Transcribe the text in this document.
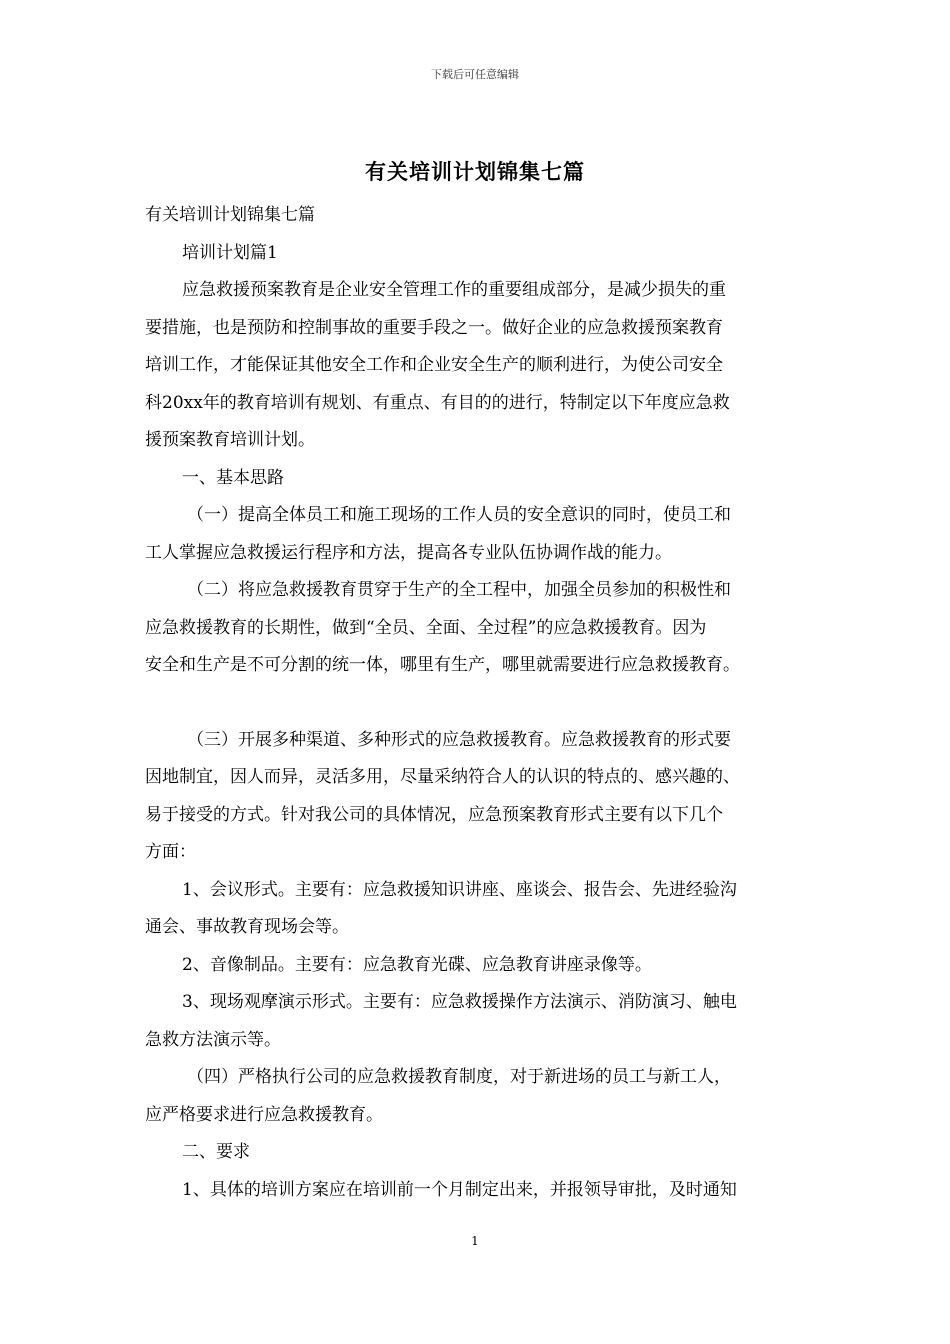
下载后可任意编辑
有关培训计划锦集七篇
有关培训计划锦集七篇
培训计划篇1
应急救援预案教育是企业安全管理工作的重要组成部分，是减少损失的重
要措施，也是预防和控制事故的重要手段之一。做好企业的应急救援预案教育
培训工作，才能保证其他安全工作和企业安全生产的顺利进行，为使公司安全
科20xx年的教育培训有规划、有重点、有目的的进行，特制定以下年度应急救
援预案教育培训计划。
一、基本思路
（一）提高全体员工和施工现场的工作人员的安全意识的同时，使员工和
工人掌握应急救援运行程序和方法，提高各专业队伍协调作战的能力。
（二）将应急救援教育贯穿于生产的全工程中，加强全员参加的积极性和
应急救援教育的长期性，做到“全员、全面、全过程”的应急救援教育。因为
安全和生产是不可分割的统一体，哪里有生产，哪里就需要进行应急救援教育。
（三）开展多种渠道、多种形式的应急救援教育。应急救援教育的形式要
因地制宜，因人而异，灵活多用，尽量采纳符合人的认识的特点的、感兴趣的、
易于接受的方式。针对我公司的具体情况，应急预案教育形式主要有以下几个
方面：
1、会议形式。主要有：应急救援知识讲座、座谈会、报告会、先进经验沟
通会、事故教育现场会等。
2、音像制品。主要有：应急教育光碟、应急教育讲座录像等。
3、现场观摩演示形式。主要有：应急救援操作方法演示、消防演习、触电
急救方法演示等。
（四）严格执行公司的应急救援教育制度，对于新进场的员工与新工人，
应严格要求进行应急救援教育。
二、要求
1、具体的培训方案应在培训前一个月制定出来，并报领导审批，及时通知
1
